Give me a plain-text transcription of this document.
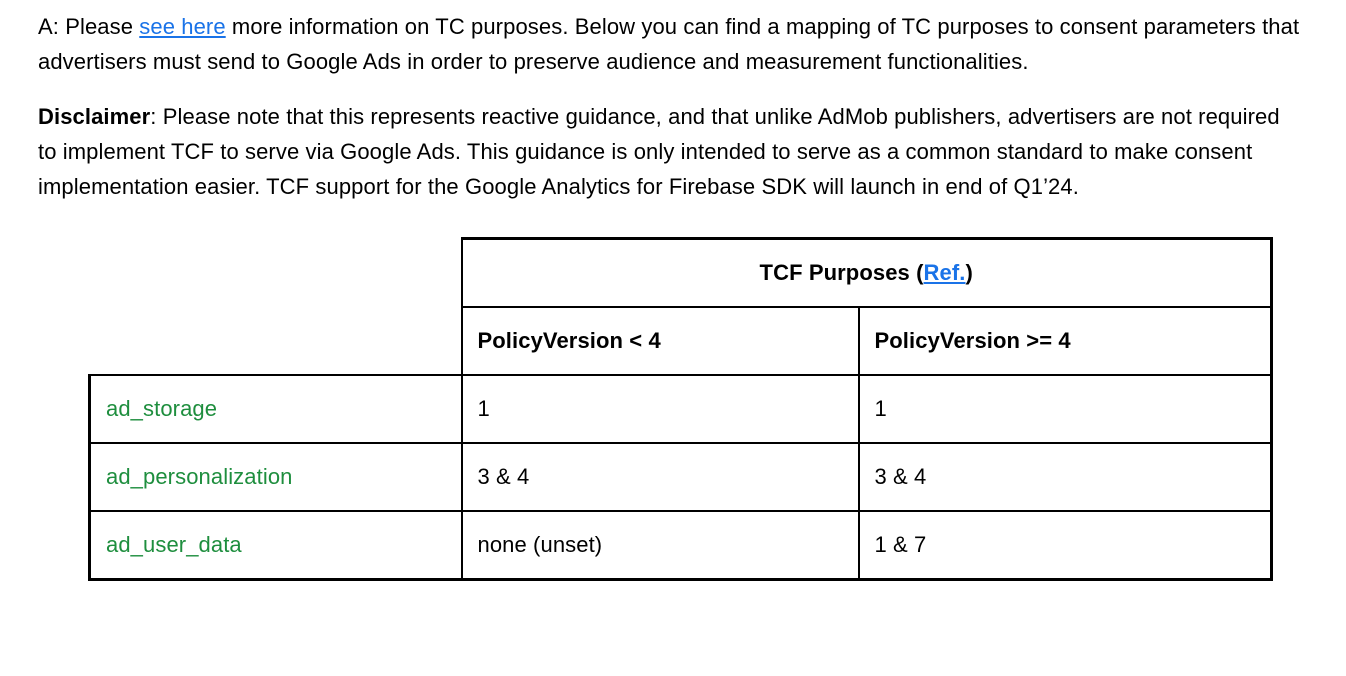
A: Please see here more information on TC purposes. Below you can find a mapping of TC purposes to consent parameters that advertisers must send to Google Ads in order to preserve audience and measurement functionalities.

Disclaimer: Please note that this represents reactive guidance, and that unlike AdMob publishers, advertisers are not required to implement TCF to serve via Google Ads. This guidance is only intended to serve as a common standard to make consent implementation easier. TCF support for the Google Analytics for Firebase SDK will launch in end of Q1’24.

	TCF Purposes (Ref.)	
	PolicyVersion < 4	PolicyVersion >= 4
ad_storage	1	1
ad_personalization	3 & 4	3 & 4
ad_user_data	none (unset)	1 & 7
